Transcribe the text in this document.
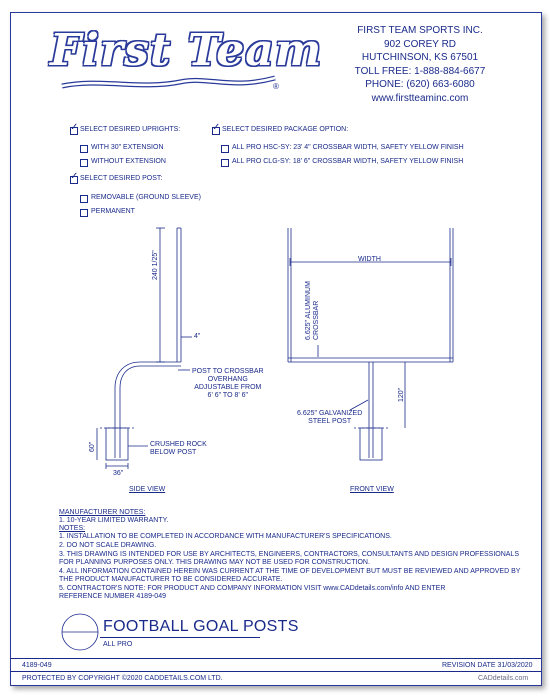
First Team
®
FIRST TEAM SPORTS INC.
902 COREY RD
HUTCHINSON, KS 67501
TOLL FREE: 1-888-884-6677
PHONE: (620) 663-6080
www.firstteaminc.com
✓
SELECT DESIRED UPRIGHTS:
WITH 30" EXTENSION
WITHOUT EXTENSION
✓
SELECT DESIRED POST:
REMOVABLE (GROUND SLEEVE)
PERMANENT
✓
SELECT DESIRED PACKAGE OPTION:
ALL PRO HSC-SY: 23' 4" CROSSBAR WIDTH, SAFETY YELLOW FINISH
ALL PRO CLG-SY: 18' 6" CROSSBAR WIDTH, SAFETY YELLOW FINISH
240 1/25"
4"
POST TO CROSSBAR
OVERHANG
ADJUSTABLE FROM
6' 6" TO 8' 6"
60"
36"
CRUSHED ROCK
BELOW POST
SIDE VIEW
WIDTH
6.625" ALUMINUM CROSSBAR
120"
6.625" GALVANIZED
STEEL POST
FRONT VIEW
MANUFACTURER NOTES:
1. 10-YEAR LIMITED WARRANTY.
NOTES:
1. INSTALLATION TO BE COMPLETED IN ACCORDANCE WITH MANUFACTURER'S SPECIFICATIONS.
2. DO NOT SCALE DRAWING.
3. THIS DRAWING IS INTENDED FOR USE BY ARCHITECTS, ENGINEERS, CONTRACTORS, CONSULTANTS AND DESIGN PROFESSIONALS
FOR PLANNING PURPOSES ONLY. THIS DRAWING MAY NOT BE USED FOR CONSTRUCTION.
4. ALL INFORMATION CONTAINED HEREIN WAS CURRENT AT THE TIME OF DEVELOPMENT BUT MUST BE REVIEWED AND APPROVED BY
THE PRODUCT MANUFACTURER TO BE CONSIDERED ACCURATE.
5. CONTRACTOR'S NOTE: FOR PRODUCT AND COMPANY INFORMATION VISIT www.CADdetails.com/info AND ENTER
REFERENCE NUMBER 4189-049
FOOTBALL GOAL POSTS
ALL PRO
4189-049	REVISION DATE 31/03/2020
PROTECTED BY COPYRIGHT ©2020 CADDETAILS.COM LTD.	CADdetails.com
